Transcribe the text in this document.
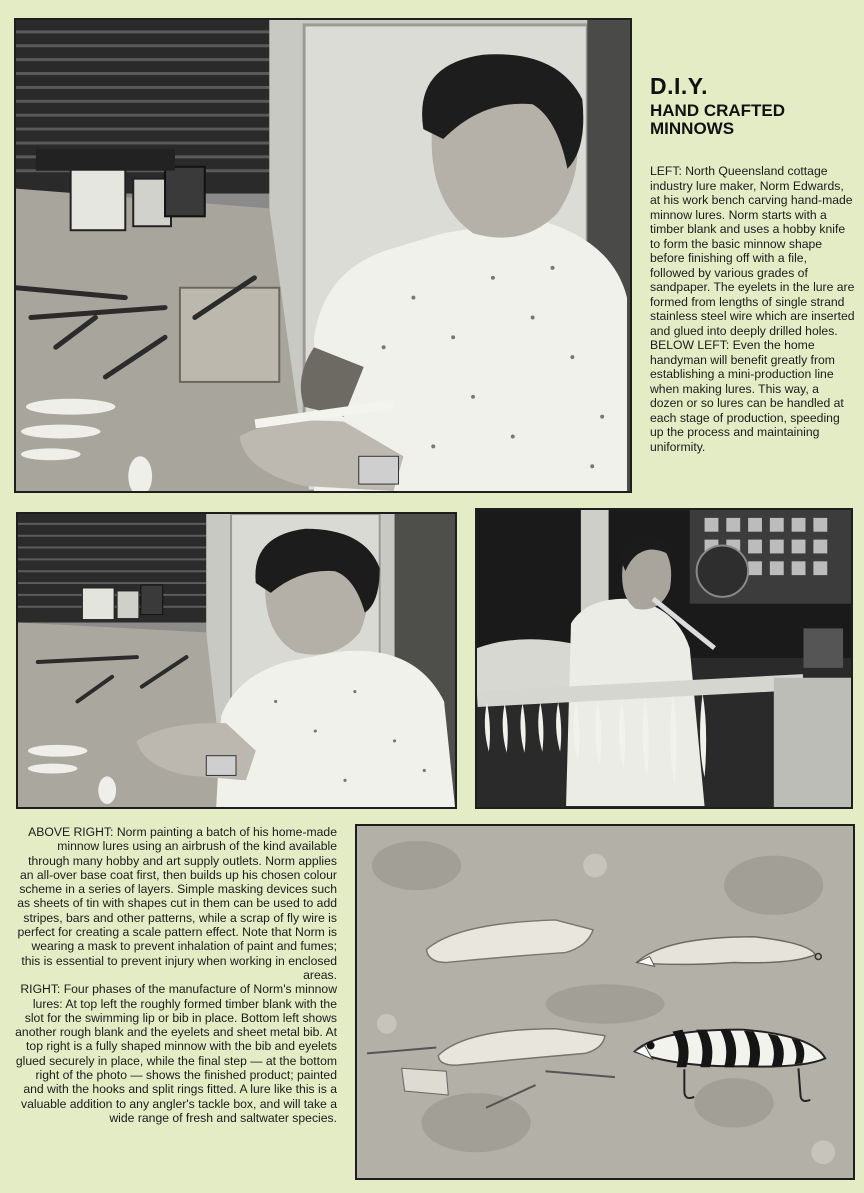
D.I.Y.
HAND CRAFTED MINNOWS

LEFT: North Queensland cottage industry lure maker, Norm Edwards, at his work bench carving hand-made minnow lures. Norm starts with a timber blank and uses a hobby knife to form the basic minnow shape before finishing off with a file, followed by various grades of sandpaper. The eyelets in the lure are formed from lengths of single strand stainless steel wire which are inserted and glued into deeply drilled holes.

BELOW LEFT: Even the home handyman will benefit greatly from establishing a mini-production line when making lures. This way, a dozen or so lures can be handled at each stage of production, speeding up the process and maintaining uniformity.

ABOVE RIGHT: Norm painting a batch of his home-made minnow lures using an airbrush of the kind available through many hobby and art supply outlets. Norm applies an all-over base coat first, then builds up his chosen colour scheme in a series of layers. Simple masking devices such as sheets of tin with shapes cut in them can be used to add stripes, bars and other patterns, while a scrap of fly wire is perfect for creating a scale pattern effect. Note that Norm is wearing a mask to prevent inhalation of paint and fumes; this is essential to prevent injury when working in enclosed areas.

RIGHT: Four phases of the manufacture of Norm's minnow lures: At top left the roughly formed timber blank with the slot for the swimming lip or bib in place. Bottom left shows another rough blank and the eyelets and sheet metal bib. At top right is a fully shaped minnow with the bib and eyelets glued securely in place, while the final step — at the bottom right of the photo — shows the finished product; painted and with the hooks and split rings fitted. A lure like this is a valuable addition to any angler's tackle box, and will take a wide range of fresh and saltwater species.
